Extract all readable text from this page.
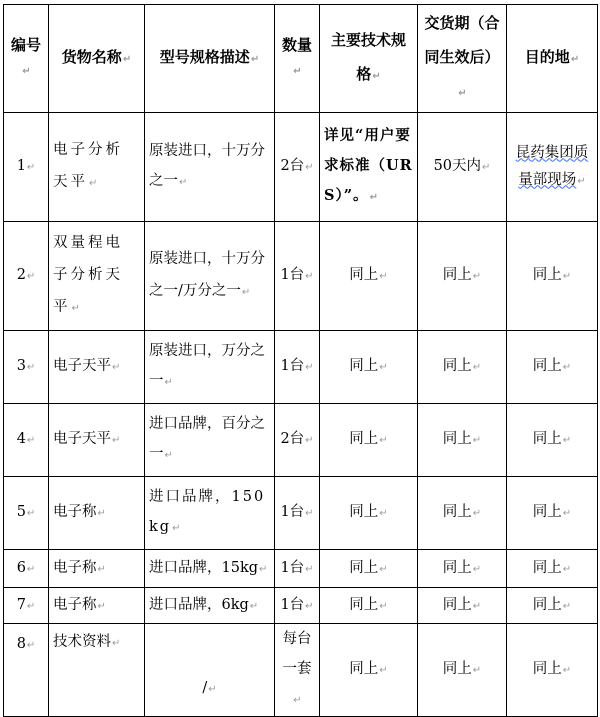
编号↵	货物名称↵	型号规格描述↵	数量↵	主要技术规格↵	交货期（合同生效后）↵	目的地↵
1↵	电子分析天平↵	原装进口，十万分之一↵	2台↵	详见“用户要求标准（URS）”。↵	50天内↵	昆药集团质量部现场↵
2↵	双量程电子分析天平↵	原装进口，十万分之一/万分之一↵	1台↵	同上↵	同上↵	同上↵
3↵	电子天平↵	原装进口，万分之一↵	1台↵	同上↵	同上↵	同上↵
4↵	电子天平↵	进口品牌，百分之一↵	2台↵	同上↵	同上↵	同上↵
5↵	电子称↵	进口品牌，150kg↵	1台↵	同上↵	同上↵	同上↵
6↵	电子称↵	进口品牌，15kg↵	1台↵	同上↵	同上↵	同上↵
7↵	电子称↵	进口品牌，6kg↵	1台↵	同上↵	同上↵	同上↵
8↵	技术资料↵	/↵	每台一套↵	同上↵	同上↵	同上↵
